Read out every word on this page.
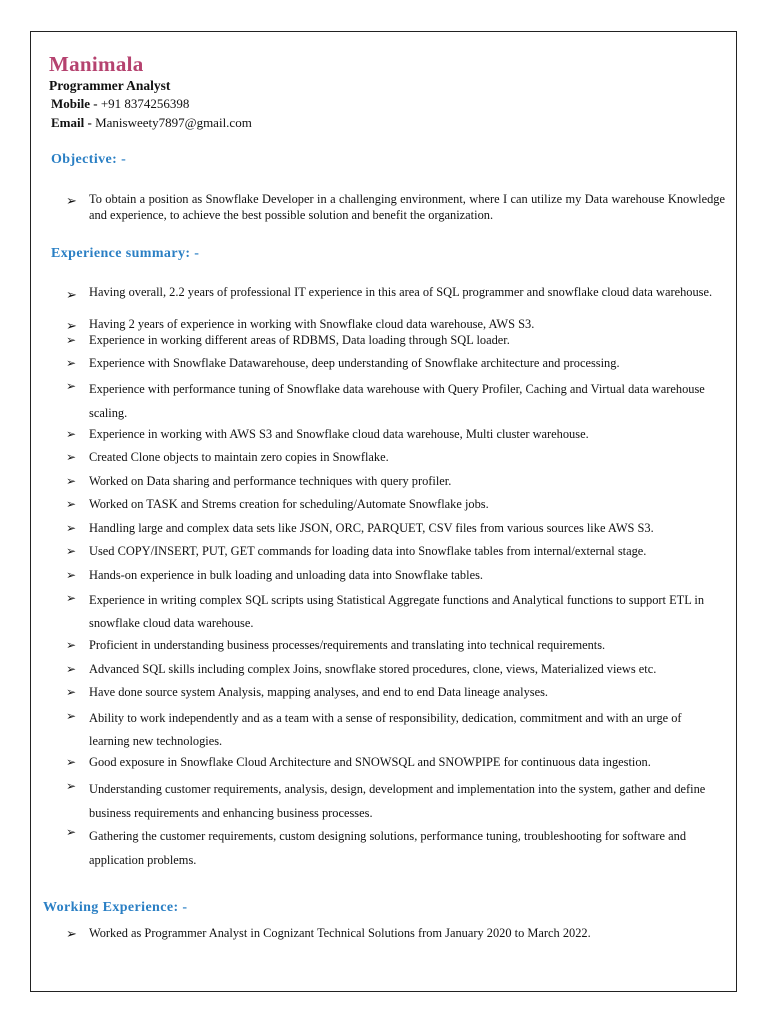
Manimala
Programmer Analyst
Mobile - +91 8374256398
Email - Manisweety7897@gmail.com
Objective: -
➢ To obtain a position as Snowflake Developer in a challenging environment, where I can utilize my Data warehouse Knowledge and experience, to achieve the best possible solution and benefit the organization.
Experience summary: -
➢ Having overall, 2.2 years of professional IT experience in this area of SQL programmer and snowflake cloud data warehouse.
➢ Having 2 years of experience in working with Snowflake cloud data warehouse, AWS S3.
➢	Experience in working different areas of RDBMS, Data loading through SQL loader.
➢	Experience with Snowflake Datawarehouse, deep understanding of Snowflake architecture and processing.
➢	Experience with performance tuning of Snowflake data warehouse with Query Profiler, Caching and Virtual data warehouse scaling.
➢	Experience in working with AWS S3 and Snowflake cloud data warehouse, Multi cluster warehouse.
➢	Created Clone objects to maintain zero copies in Snowflake.
➢	Worked on Data sharing and performance techniques with query profiler.
➢	Worked on TASK and Strems creation for scheduling/Automate Snowflake jobs.
➢	Handling large and complex data sets like JSON, ORC, PARQUET, CSV files from various sources like AWS S3.
➢	Used COPY/INSERT, PUT, GET commands for loading data into Snowflake tables from internal/external stage.
➢	Hands-on experience in bulk loading and unloading data into Snowflake tables.
➢	Experience in writing complex SQL scripts using Statistical Aggregate functions and Analytical functions to support ETL in snowflake cloud data warehouse.
➢	Proficient in understanding business processes/requirements and translating into technical requirements.
➢	Advanced SQL skills including complex Joins, snowflake stored procedures, clone, views, Materialized views etc.
➢	Have done source system Analysis, mapping analyses, and end to end Data lineage analyses.
➢	Ability to work independently and as a team with a sense of responsibility, dedication, commitment and with an urge of learning new technologies.
➢	Good exposure in Snowflake Cloud Architecture and SNOWSQL and SNOWPIPE for continuous data ingestion.
➢	Understanding customer requirements, analysis, design, development and implementation into the system, gather and define business requirements and enhancing business processes.
➢	Gathering the customer requirements, custom designing solutions, performance tuning, troubleshooting for software and application problems.
Working Experience: -
➢ Worked as Programmer Analyst in Cognizant Technical Solutions from January 2020 to March 2022.
